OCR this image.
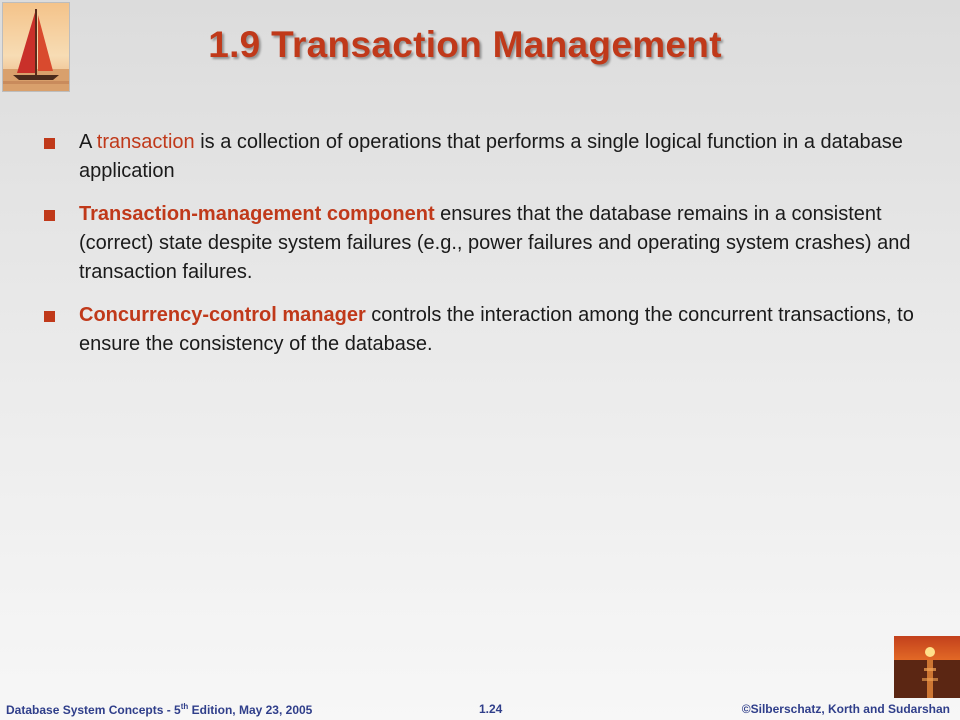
1.9 Transaction Management
A transaction is a collection of operations that performs a single logical function in a database application
Transaction-management component ensures that the database remains in a consistent (correct) state despite system failures (e.g., power failures and operating system crashes) and transaction failures.
Concurrency-control manager controls the interaction among the concurrent transactions, to ensure the consistency of the database.
Database System Concepts - 5th Edition, May 23, 2005	1.24	©Silberschatz, Korth and Sudarshan
